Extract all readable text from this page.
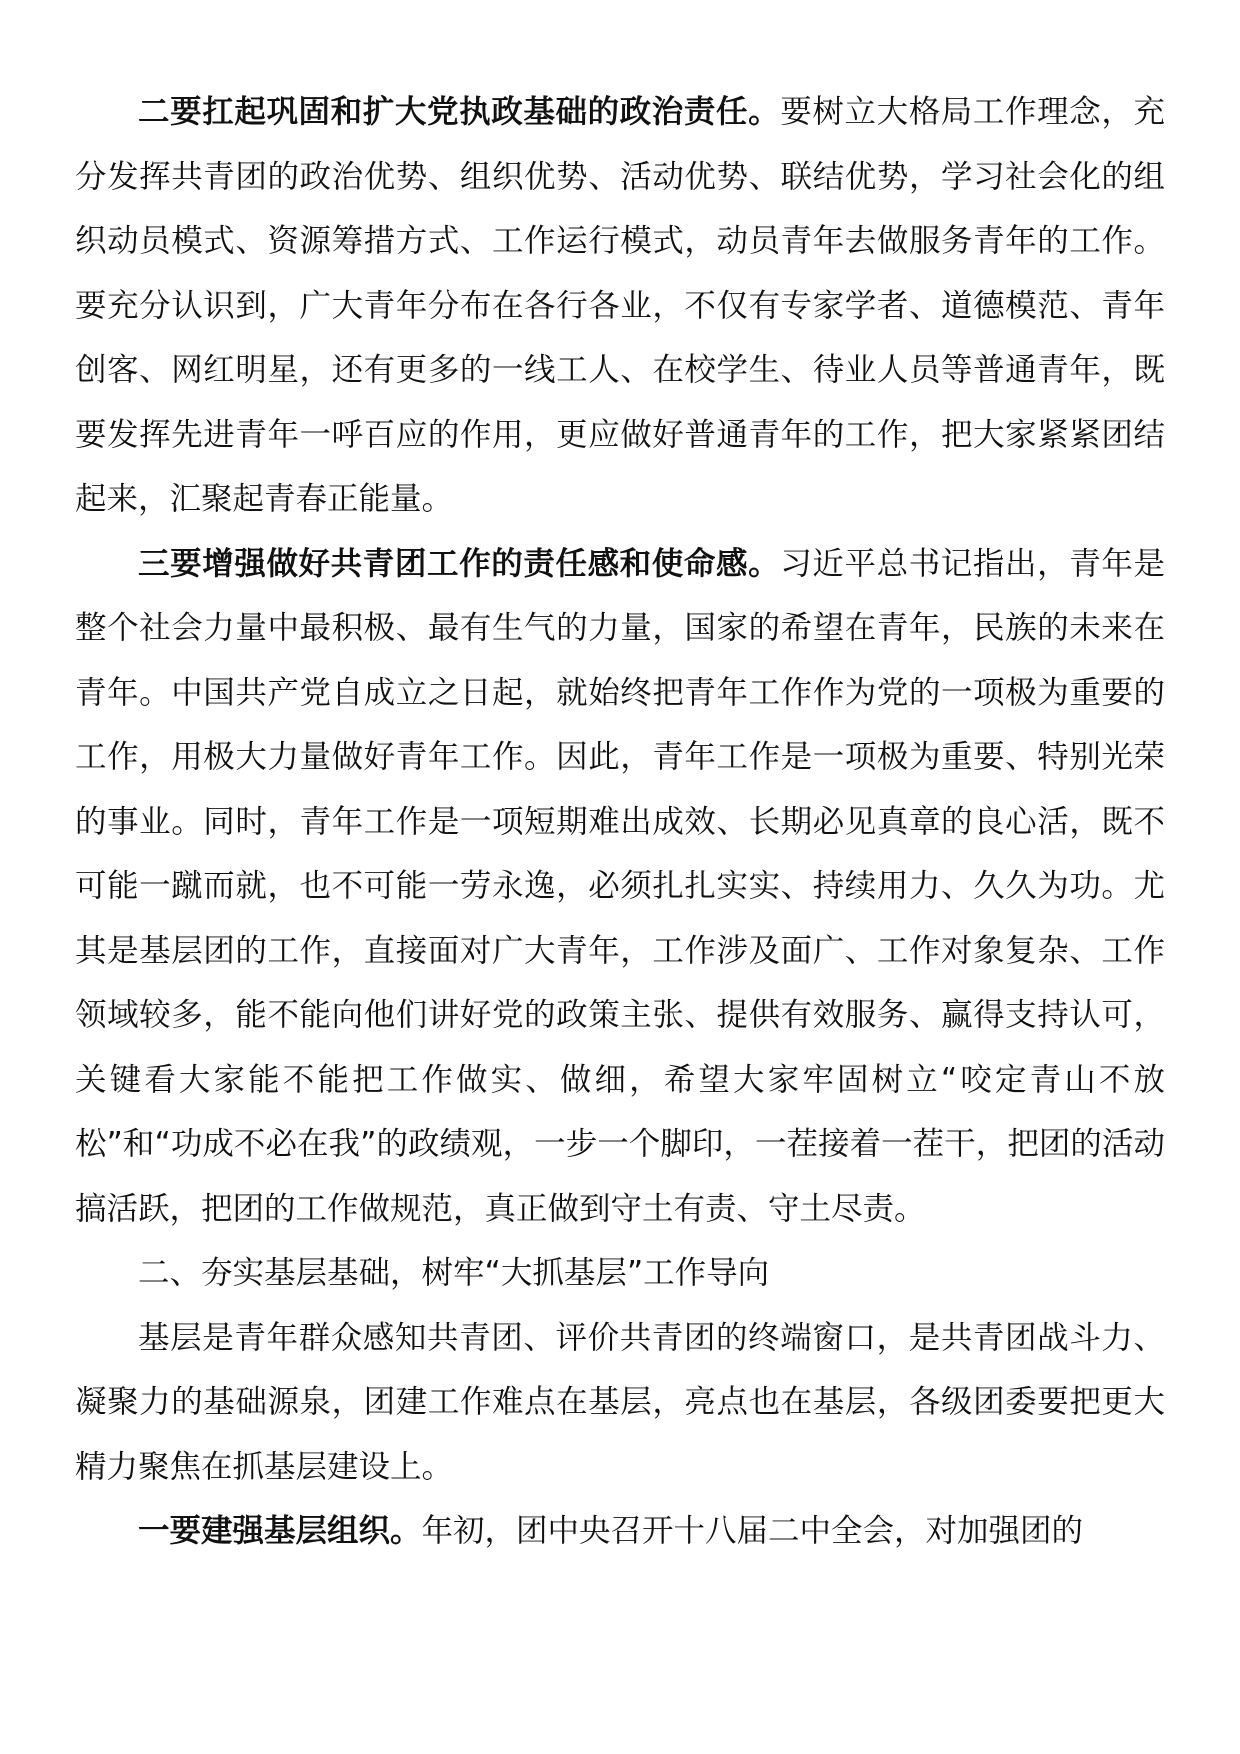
二要扛起巩固和扩大党执政基础的政治责任。要树立大格局工作理念，充分发挥共青团的政治优势、组织优势、活动优势、联结优势，学习社会化的组织动员模式、资源筹措方式、工作运行模式，动员青年去做服务青年的工作。要充分认识到，广大青年分布在各行各业，不仅有专家学者、道德模范、青年创客、网红明星，还有更多的一线工人、在校学生、待业人员等普通青年，既要发挥先进青年一呼百应的作用，更应做好普通青年的工作，把大家紧紧团结起来，汇聚起青春正能量。

三要增强做好共青团工作的责任感和使命感。习近平总书记指出，青年是整个社会力量中最积极、最有生气的力量，国家的希望在青年，民族的未来在青年。中国共产党自成立之日起，就始终把青年工作作为党的一项极为重要的工作，用极大力量做好青年工作。因此，青年工作是一项极为重要、特别光荣的事业。同时，青年工作是一项短期难出成效、长期必见真章的良心活，既不可能一蹴而就，也不可能一劳永逸，必须扎扎实实、持续用力、久久为功。尤其是基层团的工作，直接面对广大青年，工作涉及面广、工作对象复杂、工作领域较多，能不能向他们讲好党的政策主张、提供有效服务、赢得支持认可，关键看大家能不能把工作做实、做细，希望大家牢固树立“咬定青山不放松”和“功成不必在我”的政绩观，一步一个脚印，一茬接着一茬干，把团的活动搞活跃，把团的工作做规范，真正做到守土有责、守土尽责。

二、夯实基层基础，树牢“大抓基层”工作导向

基层是青年群众感知共青团、评价共青团的终端窗口，是共青团战斗力、凝聚力的基础源泉，团建工作难点在基层，亮点也在基层，各级团委要把更大精力聚焦在抓基层建设上。

一要建强基层组织。年初，团中央召开十八届二中全会，对加强团的
